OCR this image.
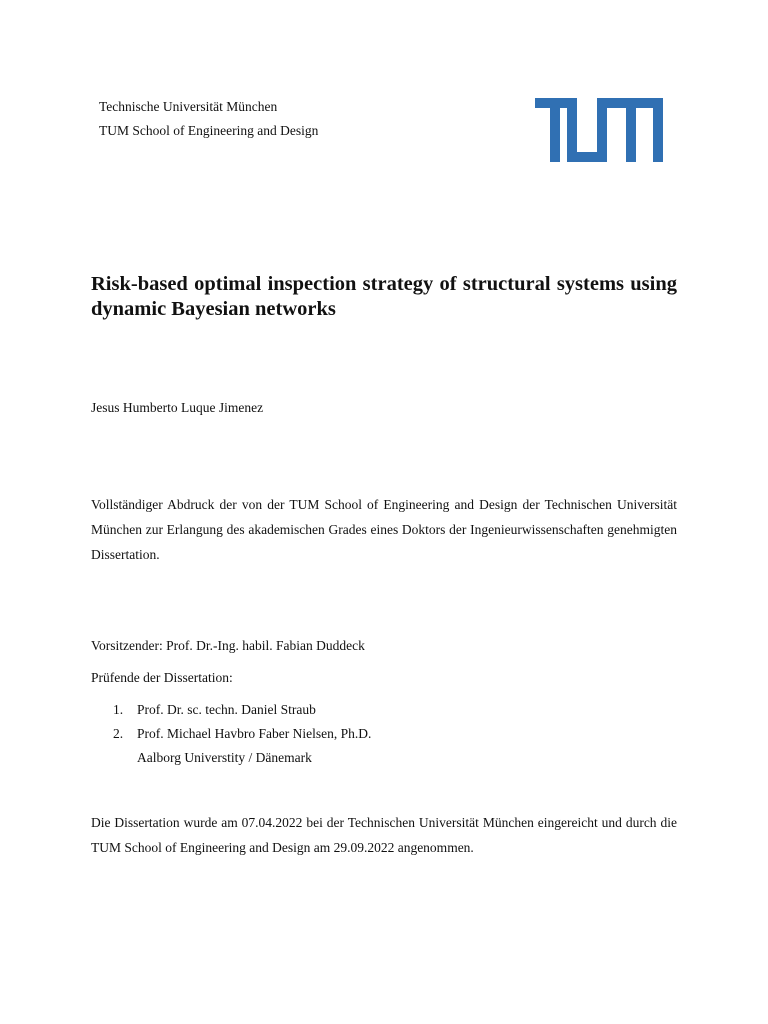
Technische Universität München
TUM School of Engineering and Design
Risk-based optimal inspection strategy of structural systems using dynamic Bayesian networks
Jesus Humberto Luque Jimenez
Vollständiger Abdruck der von der TUM School of Engineering and Design der Technischen Universität München zur Erlangung des akademischen Grades eines Doktors der Ingenieurwissenschaften genehmigten Dissertation.
Vorsitzender: Prof. Dr.-Ing. habil. Fabian Duddeck
Prüfende der Dissertation:
1. Prof. Dr. sc. techn. Daniel Straub
2. Prof. Michael Havbro Faber Nielsen, Ph.D.
Aalborg Universtity / Dänemark
Die Dissertation wurde am 07.04.2022 bei der Technischen Universität München eingereicht und durch die TUM School of Engineering and Design am 29.09.2022 angenommen.
